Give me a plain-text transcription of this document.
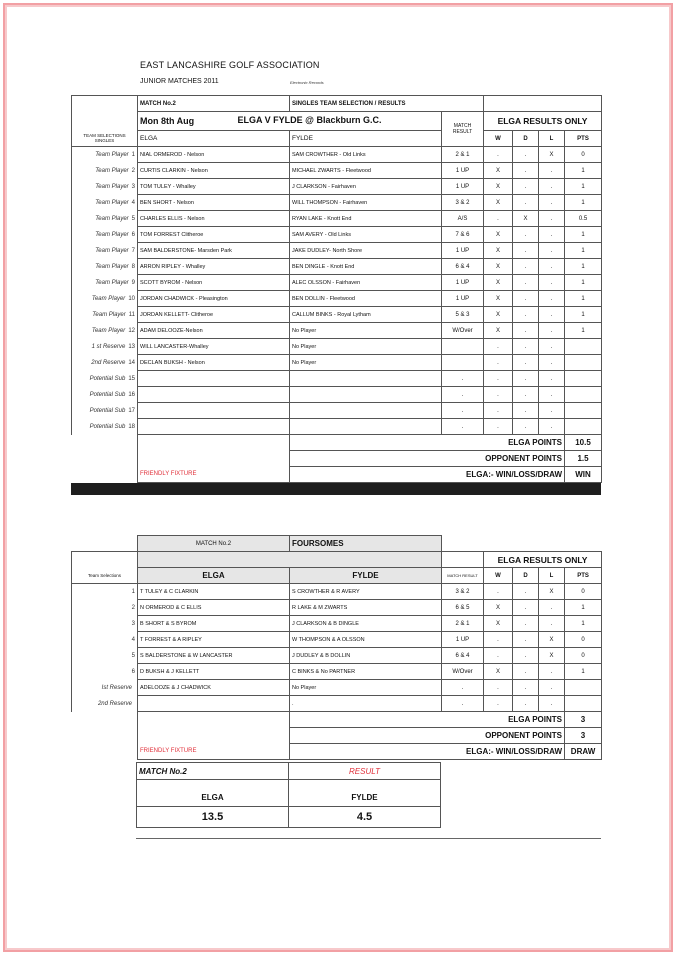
EAST LANCASHIRE GOLF ASSOCIATION
JUNIOR MATCHES 2011	Electronic Records
	MATCH No.2	SINGLES TEAM SELECTION / RESULTS					
	Mon 8th Aug	ELGA V FYLDE @ Blackburn G.C.	MATCH RESULT	ELGA RESULTS ONLY			
TEAM SELECTIONS SINGLES	ELGA	FYLDE		W	D	L	PTS
Team Player 1	NIAL ORMEROD - Nelson	SAM CROWTHER - Old Links	2 & 1	.	.	X	0
Team Player 2	CURTIS CLARKIN - Nelson	MICHAEL ZWARTS - Fleetwood	1 UP	X	.	.	1
Team Player 3	TOM TULEY - Whalley	J CLARKSON - Fairhaven	1 UP	X	.	.	1
Team Player 4	BEN SHORT - Nelson	WILL THOMPSON - Fairhaven	3 & 2	X	.	.	1
Team Player 5	CHARLES ELLIS - Nelson	RYAN LAKE - Knott End	A/S	.	X	.	0.5
Team Player 6	TOM FORREST Clitheroe	SAM AVERY - Old Links	7 & 6	X	.	.	1
Team Player 7	SAM BALDERSTONE- Marsden Park	JAKE DUDLEY- North Shore	1 UP	X	.	.	1
Team Player 8	ARRON RIPLEY - Whalley	BEN DINGLE - Knott End	6 & 4	X	.	.	1
Team Player 9	SCOTT BYROM - Nelson	ALEC OLSSON - Fairhaven	1 UP	X	.	.	1
Team Player 10	JORDAN CHADWICK - Pleasington	BEN DOLLIN - Fleetwood	1 UP	X	.	.	1
Team Player 11	JORDAN KELLETT- Clitheroe	CALLUM BINKS - Royal Lytham	5 & 3	X	.	.	1
Team Player 12	ADAM DELOOZE-Nelson	No Player	W/Over	X	.	.	1
1 st Reserve 13	WILL LANCASTER-Whalley	No Player		.	.	.	
2nd Reserve 14	DECLAN BUKSH - Nelson	No Player		.	.	.	
Potential Sub 15			.	.	.	.	
Potential Sub 16			.	.	.	.	
Potential Sub 17			.	.	.	.	
Potential Sub 18			.	.	.	.	
		ELGA POINTS					10.5
		OPPONENT POINTS					1.5
	FRIENDLY FIXTURE	ELGA:- WIN/LOSS/DRAW					WIN
	MATCH No.2	FOURSOMES					
				ELGA RESULTS ONLY			
Team Selections	ELGA	FYLDE	MATCH RESULT	W	D	L	PTS
1	T TULEY & C CLARKIN	S CROWTHER & R AVERY	3 & 2	.	.	X	0
2	N ORMEROD & C ELLIS	R LAKE & M ZWARTS	6 & 5	X	.	.	1
3	B SHORT & S BYROM	J CLARKSON & B DINGLE	2 & 1	X	.	.	1
4	T FORREST & A RIPLEY	W THOMPSON & A OLSSON	1 UP	.	.	X	0
5	S BALDERSTONE & W LANCASTER	J DUDLEY & B DOLLIN	6 & 4	.	.	X	0
6	D BUKSH & J KELLETT	C BINKS & No PARTNER	W/Over	X	.	.	1
Ist Reserve	ADELOOZE & J CHADWICK	No Player	.	.	.	.	
2nd Reserve		.	.	.	.	.	
		ELGA POINTS					3
		OPPONENT POINTS					3
	FRIENDLY FIXTURE	ELGA:- WIN/LOSS/DRAW					DRAW
MATCH No.2	RESULT
ELGA	FYLDE

13.5	4.5
